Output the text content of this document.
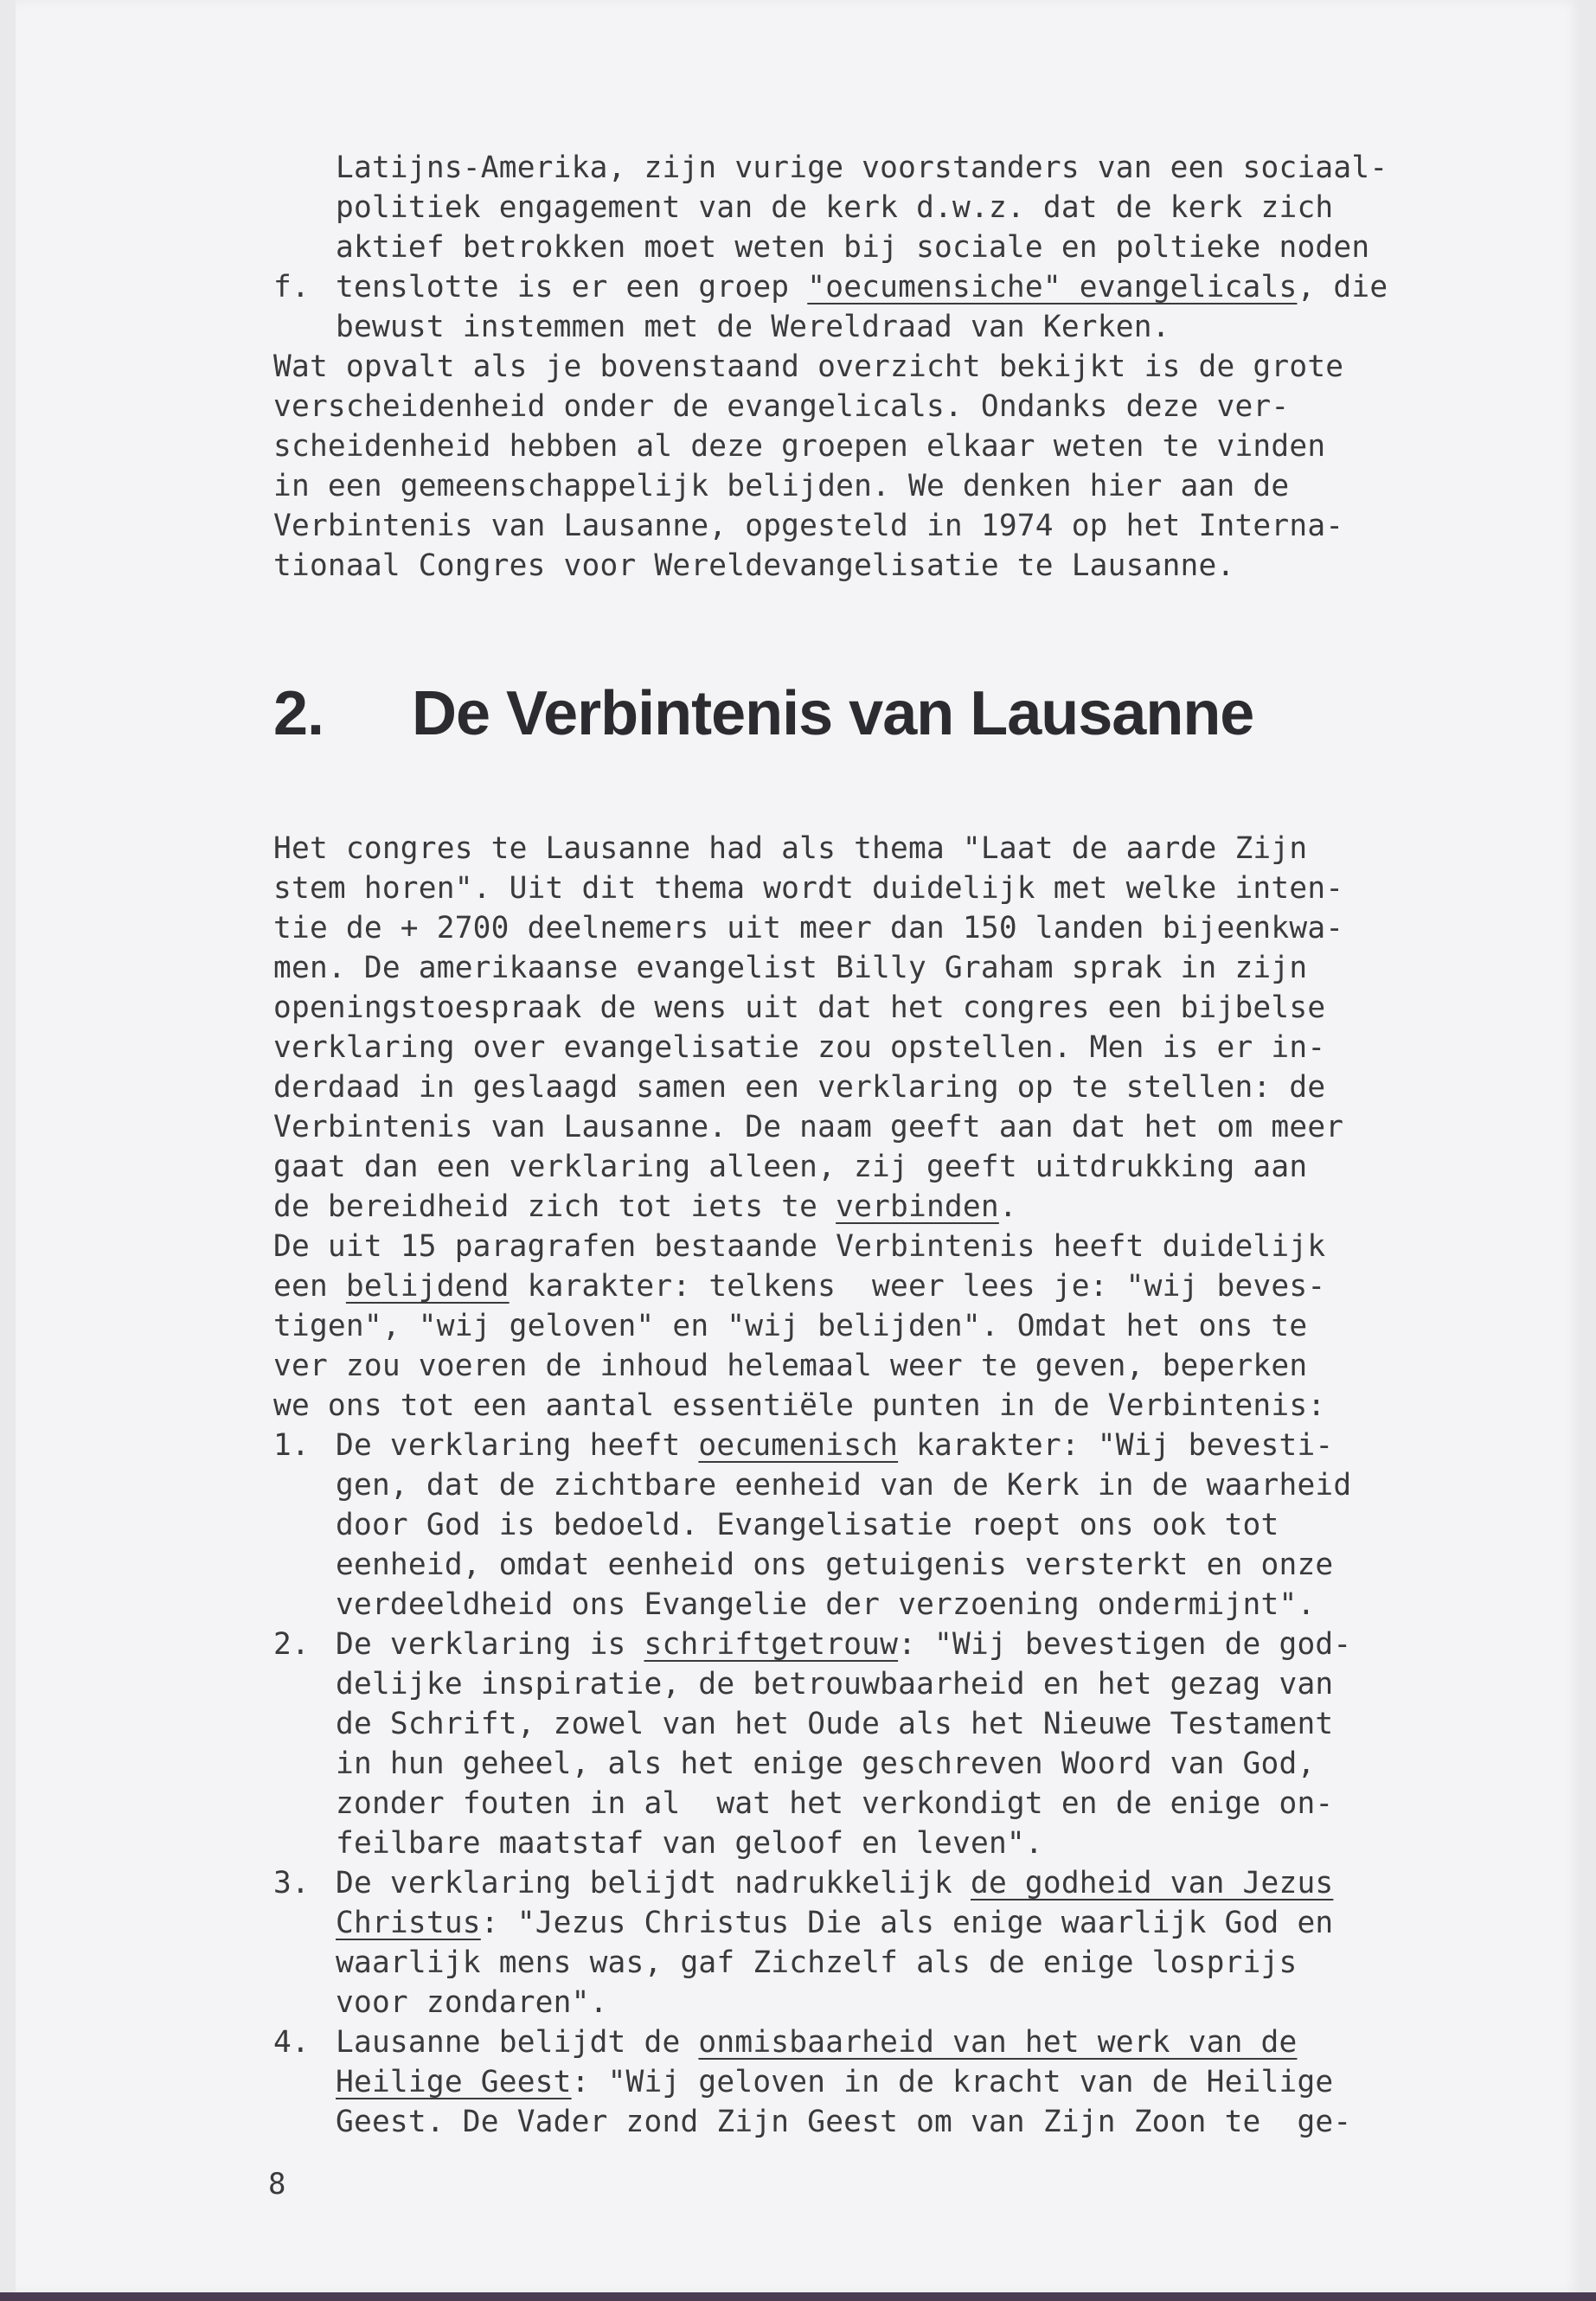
Latijns-Amerika, zijn vurige voorstanders van een sociaal-
politiek engagement van de kerk d.w.z. dat de kerk zich
aktief betrokken moet weten bij sociale en poltieke noden
f. tenslotte is er een groep "oecumensiche" evangelicals, die
bewust instemmen met de Wereldraad van Kerken.
Wat opvalt als je bovenstaand overzicht bekijkt is de grote
verscheidenheid onder de evangelicals. Ondanks deze ver-
scheidenheid hebben al deze groepen elkaar weten te vinden
in een gemeenschappelijk belijden. We denken hier aan de
Verbintenis van Lausanne, opgesteld in 1974 op het Interna-
tionaal Congres voor Wereldevangelisatie te Lausanne.
2. De Verbintenis van Lausanne
Het congres te Lausanne had als thema "Laat de aarde Zijn
stem horen". Uit dit thema wordt duidelijk met welke inten-
tie de + 2700 deelnemers uit meer dan 150 landen bijeenkwa-
men. De amerikaanse evangelist Billy Graham sprak in zijn
openingstoespraak de wens uit dat het congres een bijbelse
verklaring over evangelisatie zou opstellen. Men is er in-
derdaad in geslaagd samen een verklaring op te stellen: de
Verbintenis van Lausanne. De naam geeft aan dat het om meer
gaat dan een verklaring alleen, zij geeft uitdrukking aan
de bereidheid zich tot iets te verbinden.
De uit 15 paragrafen bestaande Verbintenis heeft duidelijk
een belijdend karakter: telkens  weer lees je: "wij beves-
tigen", "wij geloven" en "wij belijden". Omdat het ons te
ver zou voeren de inhoud helemaal weer te geven, beperken
we ons tot een aantal essentiële punten in de Verbintenis:
1. De verklaring heeft oecumenisch karakter: "Wij bevesti-
gen, dat de zichtbare eenheid van de Kerk in de waarheid
door God is bedoeld. Evangelisatie roept ons ook tot
eenheid, omdat eenheid ons getuigenis versterkt en onze
verdeeldheid ons Evangelie der verzoening ondermijnt".
2. De verklaring is schriftgetrouw: "Wij bevestigen de god-
delijke inspiratie, de betrouwbaarheid en het gezag van
de Schrift, zowel van het Oude als het Nieuwe Testament
in hun geheel, als het enige geschreven Woord van God,
zonder fouten in al  wat het verkondigt en de enige on-
feilbare maatstaf van geloof en leven".
3. De verklaring belijdt nadrukkelijk de godheid van Jezus
Christus: "Jezus Christus Die als enige waarlijk God en
waarlijk mens was, gaf Zichzelf als de enige losprijs
voor zondaren".
4. Lausanne belijdt de onmisbaarheid van het werk van de
Heilige Geest: "Wij geloven in de kracht van de Heilige
Geest. De Vader zond Zijn Geest om van Zijn Zoon te  ge-
8
